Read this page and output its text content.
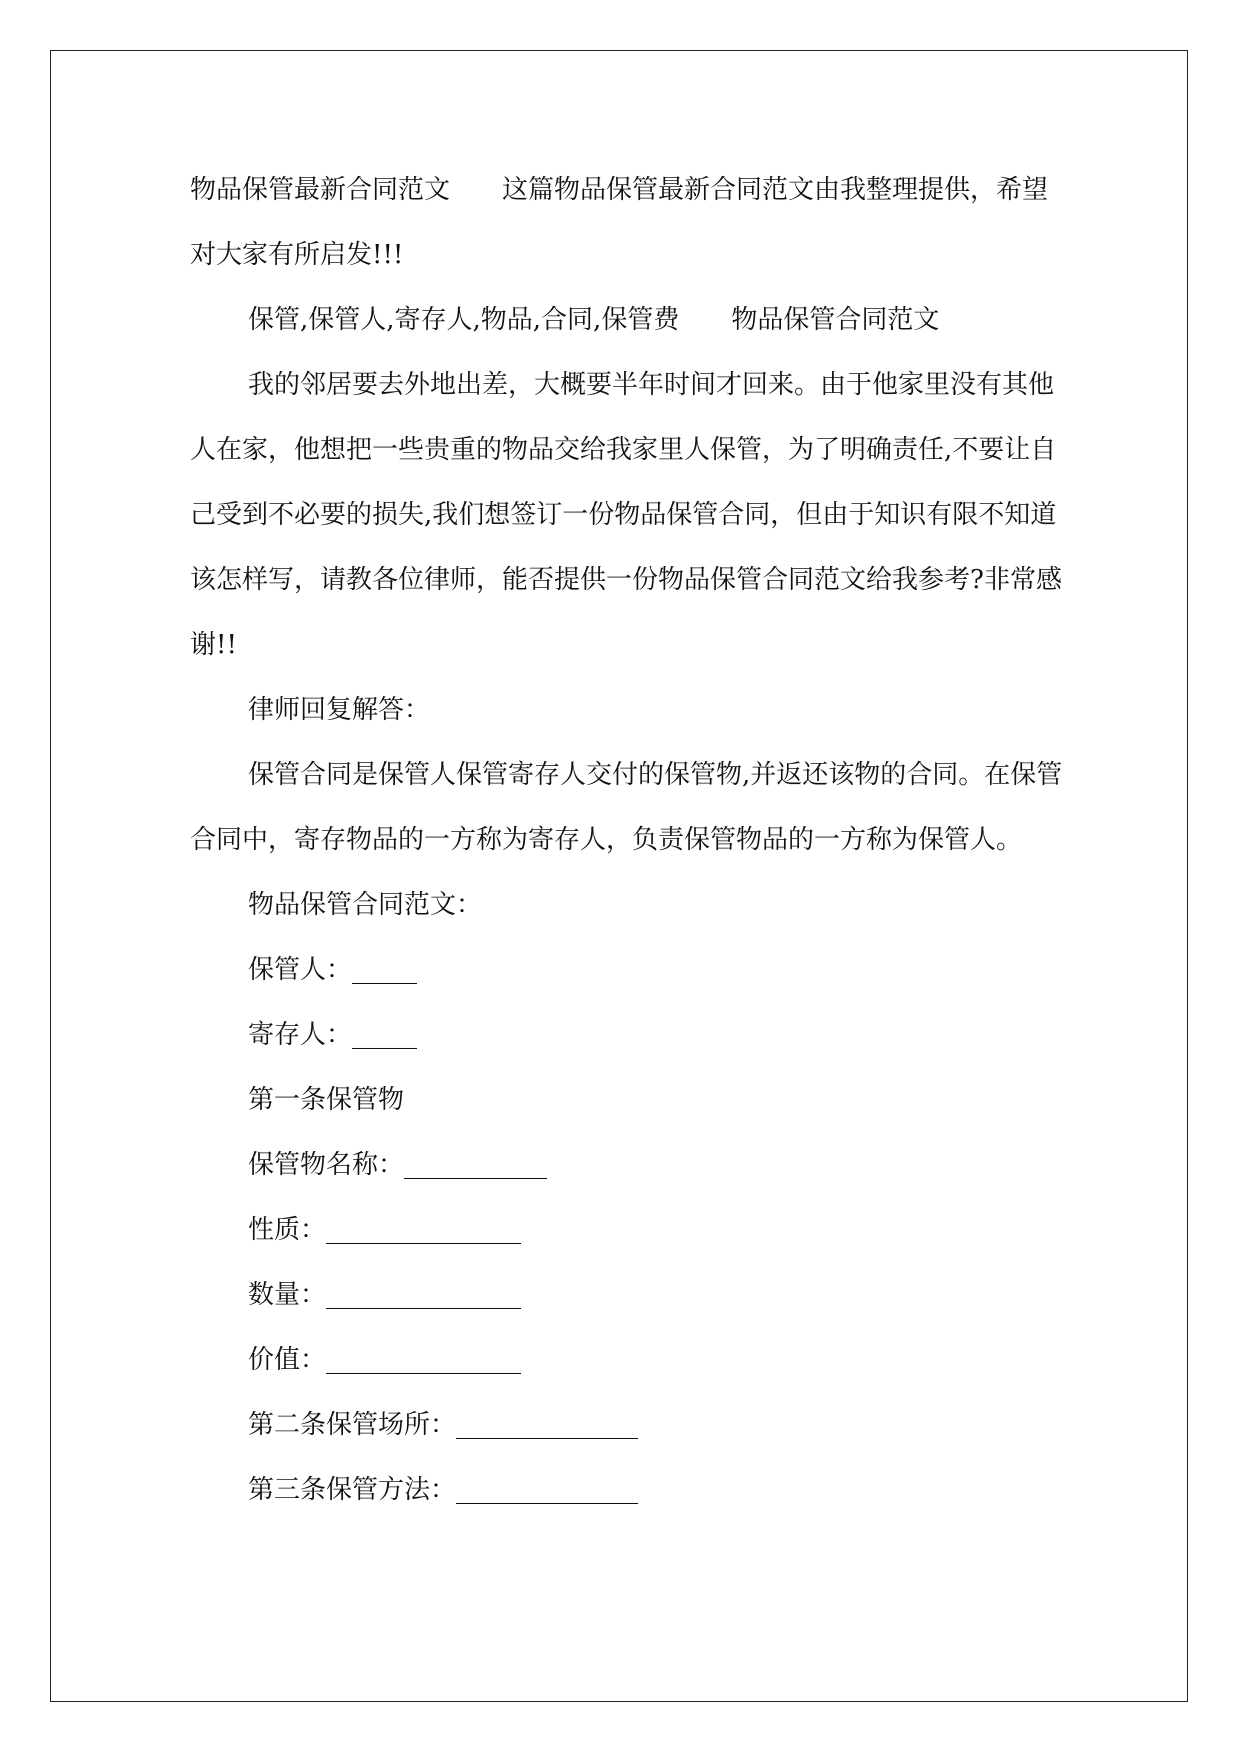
物品保管最新合同范文　　这篇物品保管最新合同范文由我整理提供，希望对大家有所启发!!!

保管,保管人,寄存人,物品,合同,保管费　　物品保管合同范文

我的邻居要去外地出差，大概要半年时间才回来。由于他家里没有其他人在家，他想把一些贵重的物品交给我家里人保管，为了明确责任,不要让自己受到不必要的损失,我们想签订一份物品保管合同，但由于知识有限不知道该怎样写，请教各位律师，能否提供一份物品保管合同范文给我参考?非常感谢!!

律师回复解答：

保管合同是保管人保管寄存人交付的保管物,并返还该物的合同。在保管合同中，寄存物品的一方称为寄存人，负责保管物品的一方称为保管人。

物品保管合同范文：

保管人：_____

寄存人：_____

第一条保管物

保管物名称：___________

性质：_______________

数量：_______________

价值：_______________

第二条保管场所：______________

第三条保管方法：______________
